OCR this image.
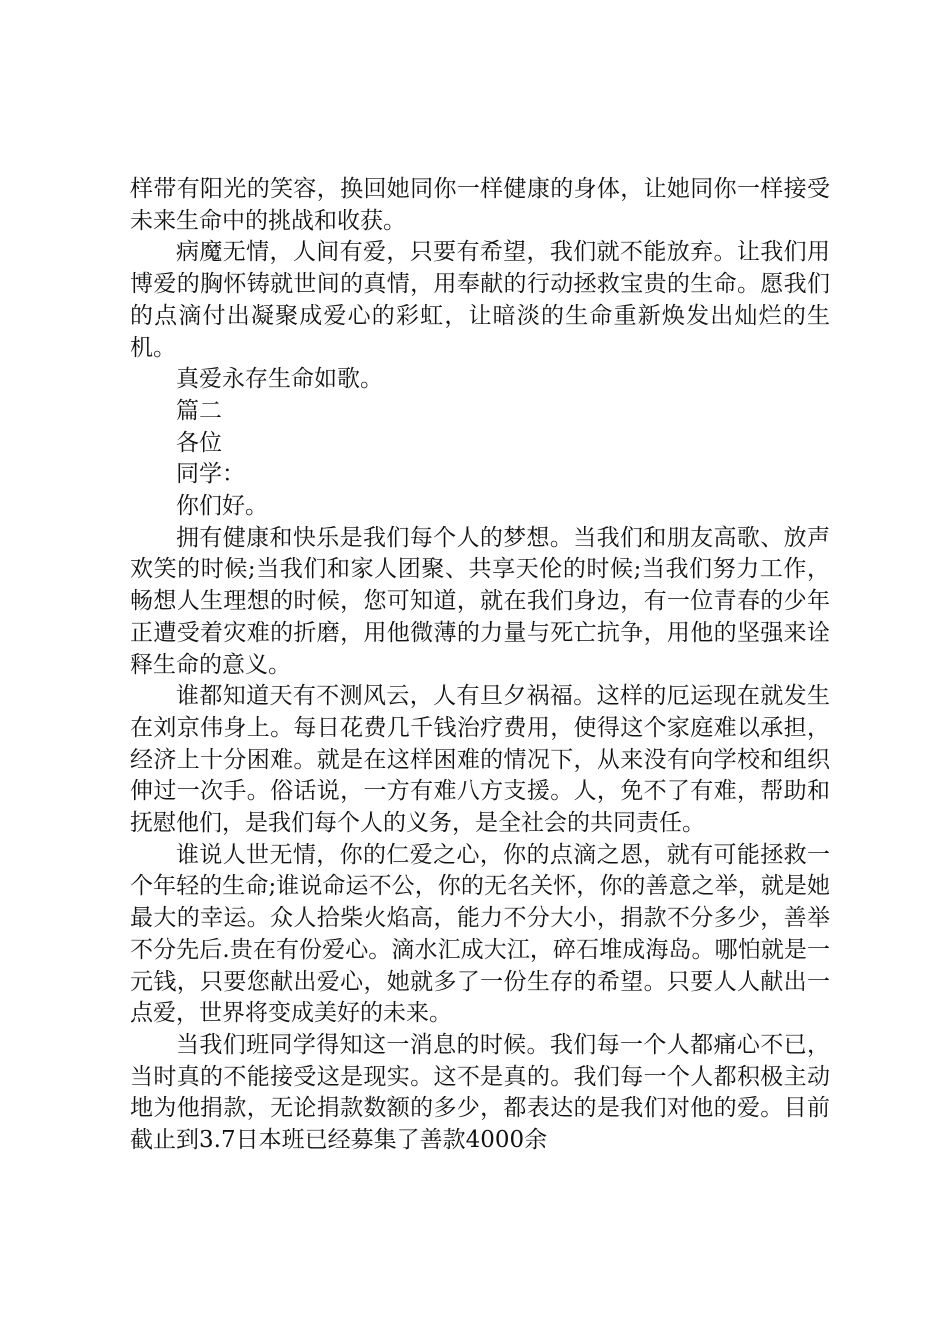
样带有阳光的笑容，换回她同你一样健康的身体，让她同你一样接受未来生命中的挑战和收获。

病魔无情，人间有爱，只要有希望，我们就不能放弃。让我们用博爱的胸怀铸就世间的真情，用奉献的行动拯救宝贵的生命。愿我们的点滴付出凝聚成爱心的彩虹，让暗淡的生命重新焕发出灿烂的生机。

真爱永存生命如歌。

篇二

各位

同学：

你们好。

拥有健康和快乐是我们每个人的梦想。当我们和朋友高歌、放声欢笑的时候;当我们和家人团聚、共享天伦的时候;当我们努力工作，畅想人生理想的时候，您可知道，就在我们身边，有一位青春的少年正遭受着灾难的折磨，用他微薄的力量与死亡抗争，用他的坚强来诠释生命的意义。

谁都知道天有不测风云，人有旦夕祸福。这样的厄运现在就发生在刘京伟身上。每日花费几千钱治疗费用，使得这个家庭难以承担，经济上十分困难。就是在这样困难的情况下，从来没有向学校和组织伸过一次手。俗话说，一方有难八方支援。人，免不了有难，帮助和抚慰他们，是我们每个人的义务，是全社会的共同责任。

谁说人世无情，你的仁爱之心，你的点滴之恩，就有可能拯救一个年轻的生命;谁说命运不公，你的无名关怀，你的善意之举，就是她最大的幸运。众人拾柴火焰高，能力不分大小，捐款不分多少，善举不分先后.贵在有份爱心。滴水汇成大江，碎石堆成海岛。哪怕就是一元钱，只要您献出爱心，她就多了一份生存的希望。只要人人献出一点爱，世界将变成美好的未来。

当我们班同学得知这一消息的时候。我们每一个人都痛心不已，当时真的不能接受这是现实。这不是真的。我们每一个人都积极主动地为他捐款，无论捐款数额的多少，都表达的是我们对他的爱。目前截止到3.7日本班已经募集了善款4000余
